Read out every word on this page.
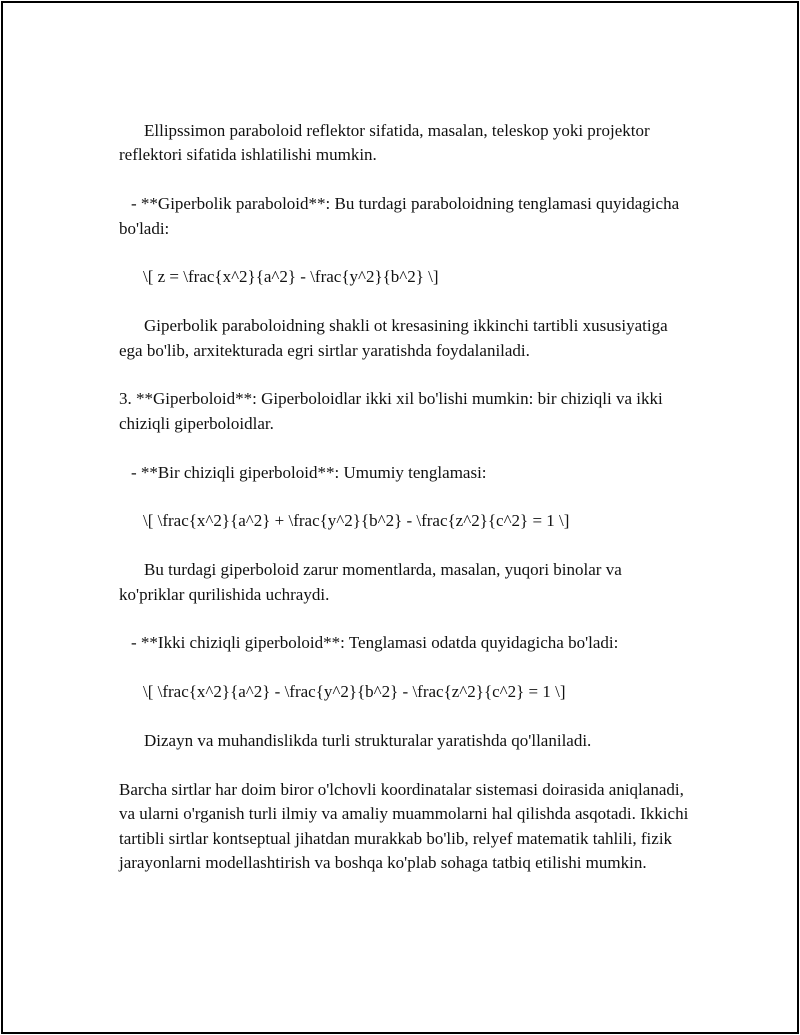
Ellipssimon paraboloid reflektor sifatida, masalan, teleskop yoki projektor reflektori sifatida ishlatilishi mumkin.

- **Giperbolik paraboloid**: Bu turdagi paraboloidning tenglamasi quyidagicha bo'ladi:

\[ z = \frac{x^2}{a^2} - \frac{y^2}{b^2} \]

Giperbolik paraboloidning shakli ot kresasining ikkinchi tartibli xususiyatiga ega bo'lib, arxitekturada egri sirtlar yaratishda foydalaniladi.

3. **Giperboloid**: Giperboloidlar ikki xil bo'lishi mumkin: bir chiziqli va ikki chiziqli giperboloidlar.

- **Bir chiziqli giperboloid**: Umumiy tenglamasi:

\[ \frac{x^2}{a^2} + \frac{y^2}{b^2} - \frac{z^2}{c^2} = 1 \]

Bu turdagi giperboloid zarur momentlarda, masalan, yuqori binolar va ko'priklar qurilishida uchraydi.

- **Ikki chiziqli giperboloid**: Tenglamasi odatda quyidagicha bo'ladi:

\[ \frac{x^2}{a^2} - \frac{y^2}{b^2} - \frac{z^2}{c^2} = 1 \]

Dizayn va muhandislikda turli strukturalar yaratishda qo'llaniladi.

Barcha sirtlar har doim biror o'lchovli koordinatalar sistemasi doirasida aniqlanadi, va ularni o'rganish turli ilmiy va amaliy muammolarni hal qilishda asqotadi. Ikkichi tartibli sirtlar kontseptual jihatdan murakkab bo'lib, relyef matematik tahlili, fizik jarayonlarni modellashtirish va boshqa ko'plab sohaga tatbiq etilishi mumkin.
